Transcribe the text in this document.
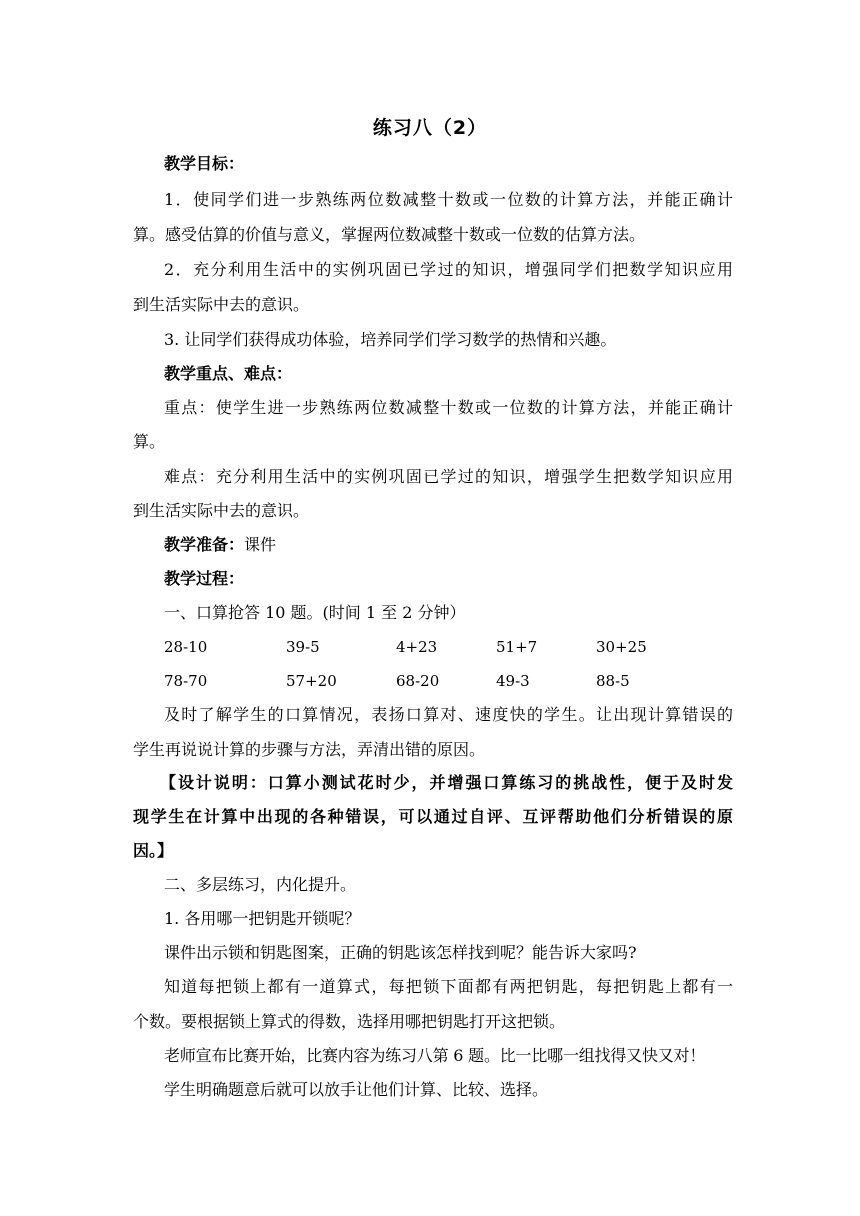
练习八（2）
教学目标：
1．使同学们进一步熟练两位数减整十数或一位数的计算方法，并能正确计
算。感受估算的价值与意义，掌握两位数减整十数或一位数的估算方法。
2．充分利用生活中的实例巩固已学过的知识，增强同学们把数学知识应用
到生活实际中去的意识。
3. 让同学们获得成功体验，培养同学们学习数学的热情和兴趣。
教学重点、难点：
重点：使学生进一步熟练两位数减整十数或一位数的计算方法，并能正确计
算。
难点：充分利用生活中的实例巩固已学过的知识，增强学生把数学知识应用
到生活实际中去的意识。
教学准备：课件
教学过程：
一、口算抢答 10 题。(时间 1 至 2 分钟）
28-10	39-5	4+23	51+7	30+25
78-70	57+20	68-20	49-3	88-5
及时了解学生的口算情况，表扬口算对、速度快的学生。让出现计算错误的
学生再说说计算的步骤与方法，弄清出错的原因。
【设计说明：口算小测试花时少，并增强口算练习的挑战性，便于及时发
现学生在计算中出现的各种错误，可以通过自评、互评帮助他们分析错误的原
因。】
二、多层练习，内化提升。
1. 各用哪一把钥匙开锁呢？
课件出示锁和钥匙图案，正确的钥匙该怎样找到呢？能告诉大家吗?
知道每把锁上都有一道算式，每把锁下面都有两把钥匙，每把钥匙上都有一
个数。要根据锁上算式的得数，选择用哪把钥匙打开这把锁。
老师宣布比赛开始，比赛内容为练习八第 6 题。比一比哪一组找得又快又对！
学生明确题意后就可以放手让他们计算、比较、选择。
